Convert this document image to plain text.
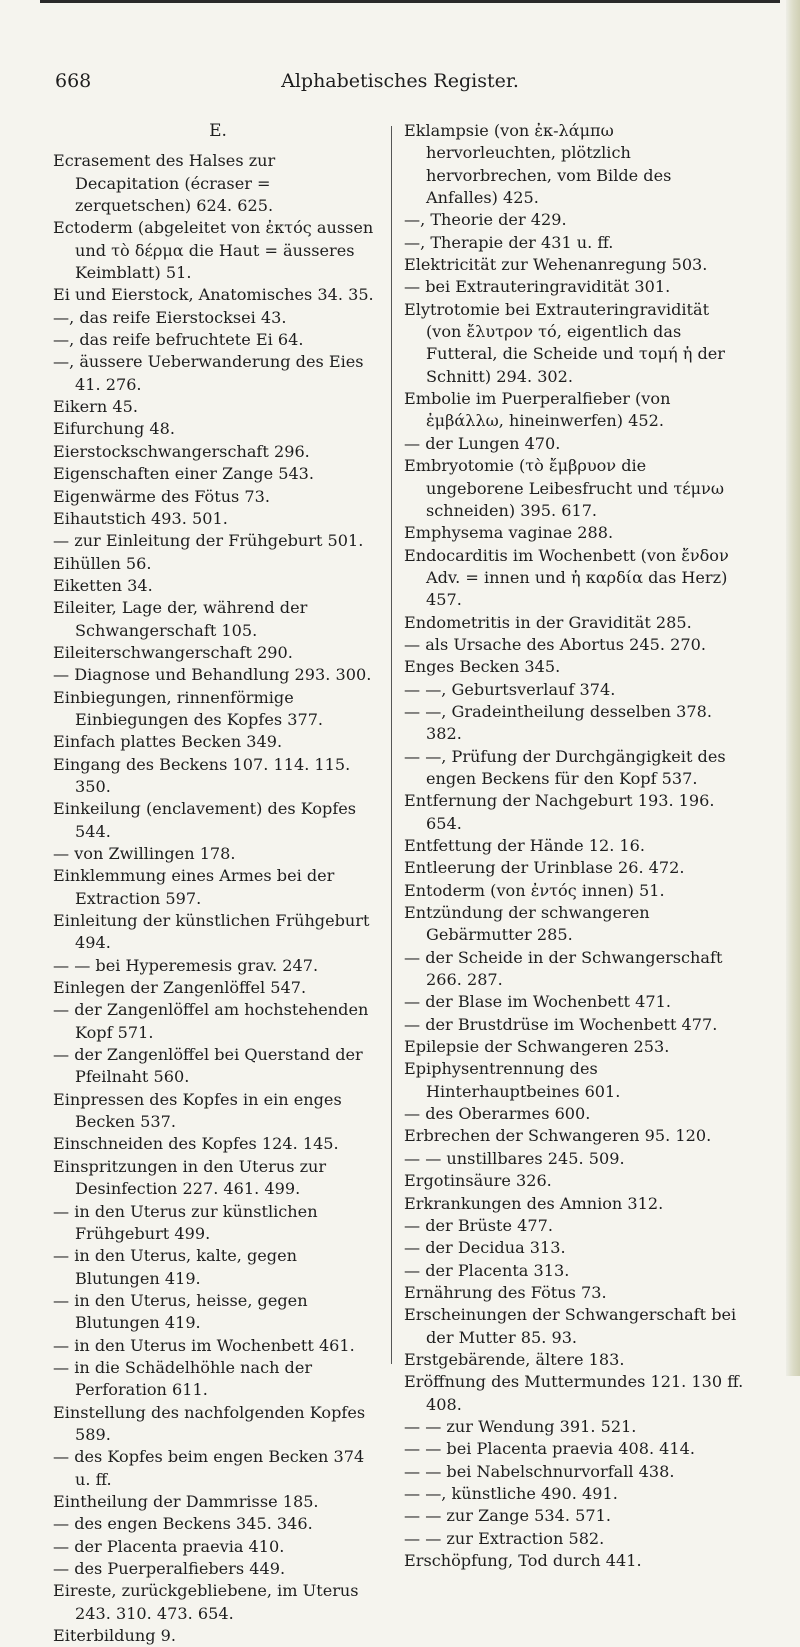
668	Alphabetisches Register.
E.

Ecrasement des Halses zur Decapitation (écraser = zerquetschen) 624. 625.

Ectoderm (abgeleitet von ἐκτός aussen und τὸ δέρμα die Haut = äusseres Keimblatt) 51.

Ei und Eierstock, Anatomisches 34. 35.

—, das reife Eierstocksei 43.

—, das reife befruchtete Ei 64.

—, äussere Ueberwanderung des Eies 41. 276.

Eikern 45.

Eifurchung 48.

Eierstockschwangerschaft 296.

Eigenschaften einer Zange 543.

Eigenwärme des Fötus 73.

Eihautstich 493. 501.

— zur Einleitung der Frühgeburt 501.

Eihüllen 56.

Eiketten 34.

Eileiter, Lage der, während der Schwangerschaft 105.

Eileiterschwangerschaft 290.

— Diagnose und Behandlung 293. 300.

Einbiegungen, rinnenförmige Einbiegungen des Kopfes 377.

Einfach plattes Becken 349.

Eingang des Beckens 107. 114. 115. 350.

Einkeilung (enclavement) des Kopfes 544.

— von Zwillingen 178.

Einklemmung eines Armes bei der Extraction 597.

Einleitung der künstlichen Frühgeburt 494.

— — bei Hyperemesis grav. 247.

Einlegen der Zangenlöffel 547.

— der Zangenlöffel am hochstehenden Kopf 571.

— der Zangenlöffel bei Querstand der Pfeilnaht 560.

Einpressen des Kopfes in ein enges Becken 537.

Einschneiden des Kopfes 124. 145.

Einspritzungen in den Uterus zur Desinfection 227. 461. 499.

— in den Uterus zur künstlichen Frühgeburt 499.

— in den Uterus, kalte, gegen Blutungen 419.

— in den Uterus, heisse, gegen Blutungen 419.

— in den Uterus im Wochenbett 461.

— in die Schädelhöhle nach der Perforation 611.

Einstellung des nachfolgenden Kopfes 589.

— des Kopfes beim engen Becken 374 u. ff.

Eintheilung der Dammrisse 185.

— des engen Beckens 345. 346.

— der Placenta praevia 410.

— des Puerperalfiebers 449.

Eireste, zurückgebliebene, im Uterus 243. 310. 473. 654.

Eiterbildung 9.

Eklampsie (von ἐκ-λάμπω hervorleuchten, plötzlich hervorbrechen, vom Bilde des Anfalles) 425.

—, Theorie der 429.

—, Therapie der 431 u. ff.

Elektricität zur Wehenanregung 503.

— bei Extrauteringravidität 301.

Elytrotomie bei Extrauteringravidität (von ἔλυτρον τό, eigentlich das Futteral, die Scheide und τομή ἡ der Schnitt) 294. 302.

Embolie im Puerperalfieber (von ἐμβάλλω, hineinwerfen) 452.

— der Lungen 470.

Embryotomie (τὸ ἔμβρυον die ungeborene Leibesfrucht und τέμνω schneiden) 395. 617.

Emphysema vaginae 288.

Endocarditis im Wochenbett (von ἔνδον Adv. = innen und ἡ καρδία das Herz) 457.

Endometritis in der Gravidität 285.

— als Ursache des Abortus 245. 270.

Enges Becken 345.

— —, Geburtsverlauf 374.

— —, Gradeintheilung desselben 378. 382.

— —, Prüfung der Durchgängigkeit des engen Beckens für den Kopf 537.

Entfernung der Nachgeburt 193. 196. 654.

Entfettung der Hände 12. 16.

Entleerung der Urinblase 26. 472.

Entoderm (von ἐντός innen) 51.

Entzündung der schwangeren Gebärmutter 285.

— der Scheide in der Schwangerschaft 266. 287.

— der Blase im Wochenbett 471.

— der Brustdrüse im Wochenbett 477.

Epilepsie der Schwangeren 253.

Epiphysentrennung des Hinterhauptbeines 601.

— des Oberarmes 600.

Erbrechen der Schwangeren 95. 120.

— — unstillbares 245. 509.

Ergotinsäure 326.

Erkrankungen des Amnion 312.

— der Brüste 477.

— der Decidua 313.

— der Placenta 313.

Ernährung des Fötus 73.

Erscheinungen der Schwangerschaft bei der Mutter 85. 93.

Erstgebärende, ältere 183.

Eröffnung des Muttermundes 121. 130 ff. 408.

— — zur Wendung 391. 521.

— — bei Placenta praevia 408. 414.

— — bei Nabelschnurvorfall 438.

— —, künstliche 490. 491.

— — zur Zange 534. 571.

— — zur Extraction 582.

Erschöpfung, Tod durch 441.
